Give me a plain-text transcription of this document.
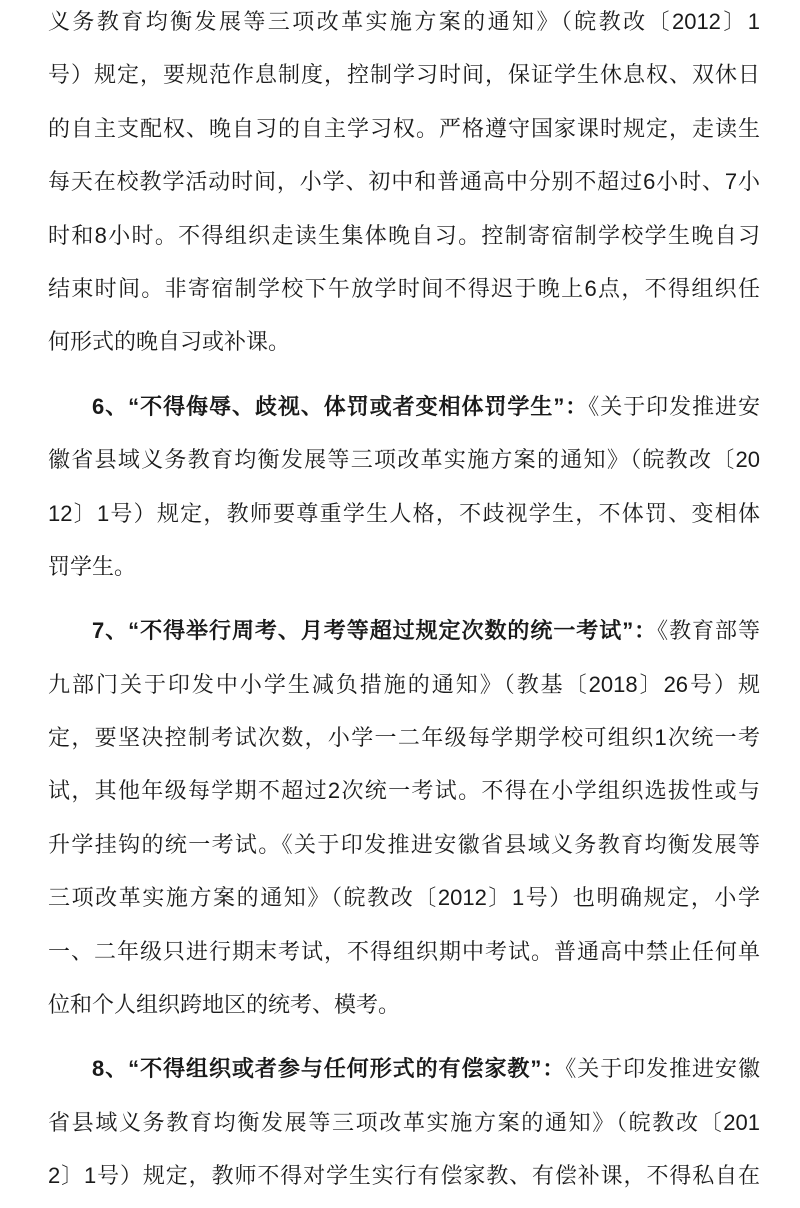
义务教育均衡发展等三项改革实施方案的通知》（皖教改〔2012〕1
号）规定，要规范作息制度，控制学习时间，保证学生休息权、双休日
的自主支配权、晚自习的自主学习权。严格遵守国家课时规定，走读生
每天在校教学活动时间，小学、初中和普通高中分别不超过6小时、7小
时和8小时。不得组织走读生集体晚自习。控制寄宿制学校学生晚自习
结束时间。非寄宿制学校下午放学时间不得迟于晚上6点，不得组织任
何形式的晚自习或补课。
6、“不得侮辱、歧视、体罚或者变相体罚学生”：《关于印发推进安
徽省县域义务教育均衡发展等三项改革实施方案的通知》（皖教改〔20
12〕1号）规定，教师要尊重学生人格，不歧视学生，不体罚、变相体
罚学生。
7、“不得举行周考、月考等超过规定次数的统一考试”：《教育部等
九部门关于印发中小学生减负措施的通知》（教基〔2018〕26号）规
定，要坚决控制考试次数，小学一二年级每学期学校可组织1次统一考
试，其他年级每学期不超过2次统一考试。不得在小学组织选拔性或与
升学挂钩的统一考试。《关于印发推进安徽省县域义务教育均衡发展等
三项改革实施方案的通知》（皖教改〔2012〕1号）也明确规定，小学
一、二年级只进行期末考试，不得组织期中考试。普通高中禁止任何单
位和个人组织跨地区的统考、模考。
8、“不得组织或者参与任何形式的有偿家教”：《关于印发推进安徽
省县域义务教育均衡发展等三项改革实施方案的通知》（皖教改〔201
2〕1号）规定，教师不得对学生实行有偿家教、有偿补课，不得私自在
